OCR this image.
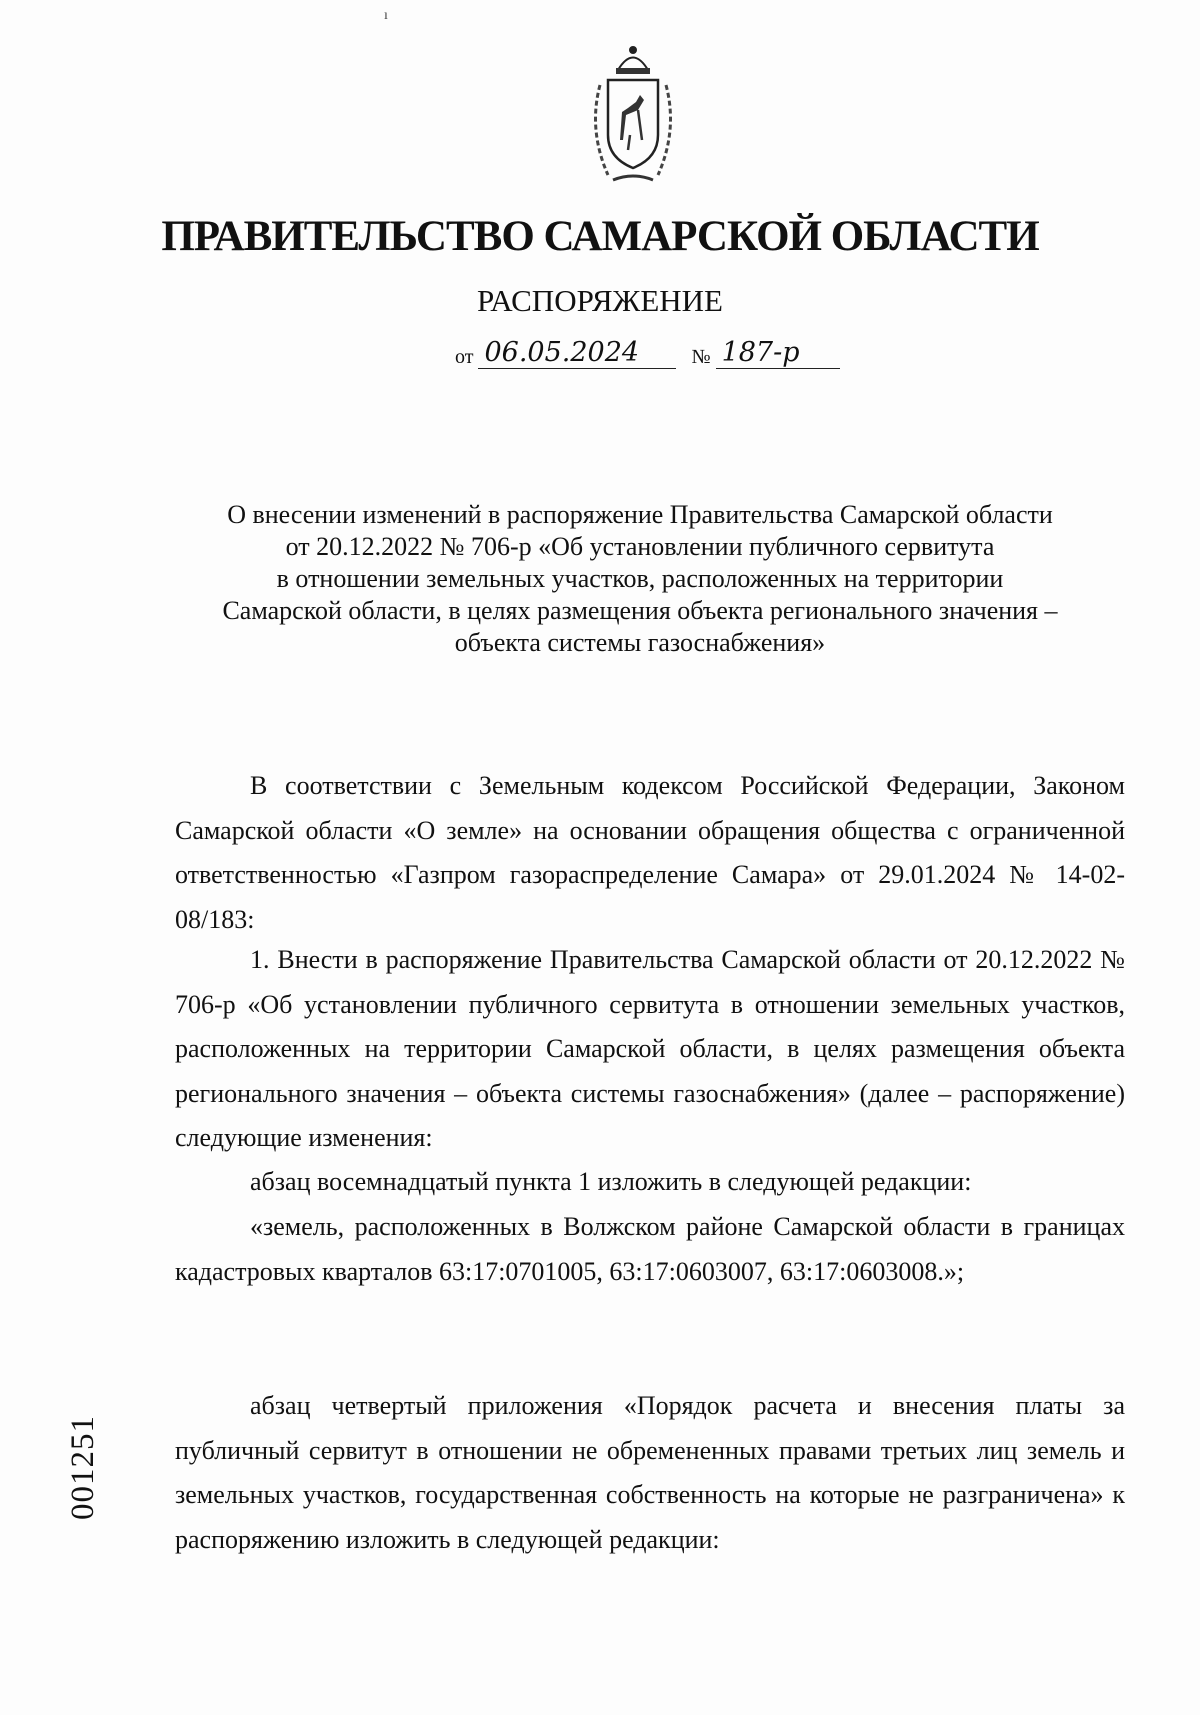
ı
ПРАВИТЕЛЬСТВО САМАРСКОЙ ОБЛАСТИ
РАСПОРЯЖЕНИЕ
от 06.05.2024	№ 187-р
О внесении изменений в распоряжение Правительства Самарской области
от 20.12.2022 № 706-р «Об установлении публичного сервитута
в отношении земельных участков, расположенных на территории
Самарской области, в целях размещения объекта регионального значения –
объекта системы газоснабжения»

В соответствии с Земельным кодексом Российской Федерации, Законом Самарской области «О земле» на основании обращения общества с ограниченной ответственностью «Газпром газораспределение Самара» от 29.01.2024 № 14-02-08/183:

1. Внести в распоряжение Правительства Самарской области от 20.12.2022 № 706-р «Об установлении публичного сервитута в отношении земельных участков, расположенных на территории Самарской области, в целях размещения объекта регионального значения – объекта системы газоснабжения» (далее – распоряжение) следующие изменения:

абзац восемнадцатый пункта 1 изложить в следующей редакции:

«земель, расположенных в Волжском районе Самарской области в границах кадастровых кварталов 63:17:0701005, 63:17:0603007, 63:17:0603008.»;

абзац четвертый приложения «Порядок расчета и внесения платы за публичный сервитут в отношении не обремененных правами третьих лиц земель и земельных участков, государственная собственность на которые не разграничена» к распоряжению изложить в следующей редакции:

001251
